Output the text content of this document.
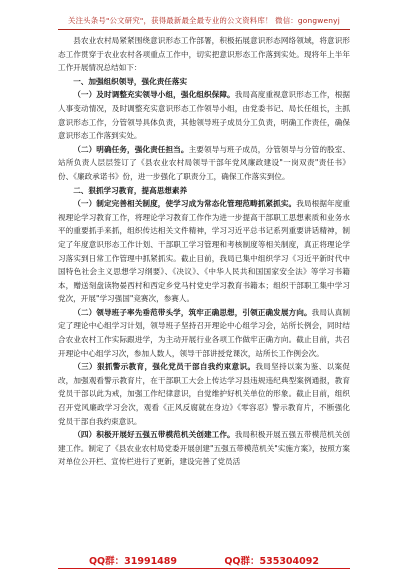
关注头条号"公文研究"，获得最新最全最专业的公文资料库！ 微信：gongwenyj

县农业农村局紧紧围绕意识形态工作部署，积极拓展意识形态网络领域，将意识形态工作贯穿于农业农村各项重点工作中，切实把意识形态工作落到实处。现将年上半年工作开展情况总结如下：

一、加强组织领导，强化责任落实

（一）及时调整充实领导小组，强化组织保障。我局高度重视意识形态工作，根据人事变动情况，及时调整充实意识形态工作领导小组，由党委书记、局长任组长，主抓意识形态工作，分管领导具体负责，其他领导班子成员分工负责，明确工作责任，确保意识形态工作落到实处。

（二）明确任务，强化责任担当。主要领导与班子成员，分管领导与分管的股室、站所负责人层层签订了《县农业农村局领导干部年党风廉政建设"一岗双责"责任书》份、《廉政承诺书》份，进一步强化了职责分工，确保工作落实到位。

二、狠抓学习教育，提高思想素养

（一）制定完善相关制度，使学习成为常态化管理范畴抓紧抓实。我局根据年度重视理论学习教育工作，将理论学习教育工作作为进一步提高干部职工思想素质和业务水平的重要抓手来抓，组织传达相关文件精神，学习习近平总书记系列重要讲话精神，制定了年度意识形态工作计划、干部职工学习管理和考核制度等相关制度，真正将理论学习落实到日常工作管理中抓紧抓实。截止目前，我局已集中组织学习《习近平新时代中国特色社会主义思想学习纲要》、《决议》、《中华人民共和国国家安全法》等学习书籍本，赠送刻盘读物晏西村和西定乡党马村党史学习教育书籍本；组织干部职工集中学习党次，开展"学习强国"竞赛次，参赛人。

（二）领导班子率先垂范带头学，筑牢正确思想，引领正确发展方向。我局认真制定了理论中心组学习计划，领导班子坚持召开理论中心组学习会，站所长例会，同时结合农业农村工作实际跟进学，为主动开展行业各项工作做牢正确方向。截止目前，共召开理论中心组学习次，参加人数人，领导干部讲授党课次，站所长工作例会次。

（三）狠抓警示教育，强化党员干部自我约束意识。我局坚持以案为鉴、以案促改，加强观看警示教育片，在干部职工大会上传达学习县违规违纪典型案例通报，教育党员干部以此为戒，加强工作纪律意识，自觉维护好机关单位的形象。截止目前，组织召开党风廉政学习会次，观看《正风反腐就在身边》《零容忍》警示教育片，不断强化党员干部自我约束意识。

（四）积极开展好五强五带模范机关创建工作。我局积极开展五强五带模范机关创建工作。制定了《县农业农村局党委开展创建"五强五带模范机关"实施方案》，按照方案对单位公开栏、宣传栏进行了更新，建设完善了党员活

QQ群：31991489	QQ群：535304092
